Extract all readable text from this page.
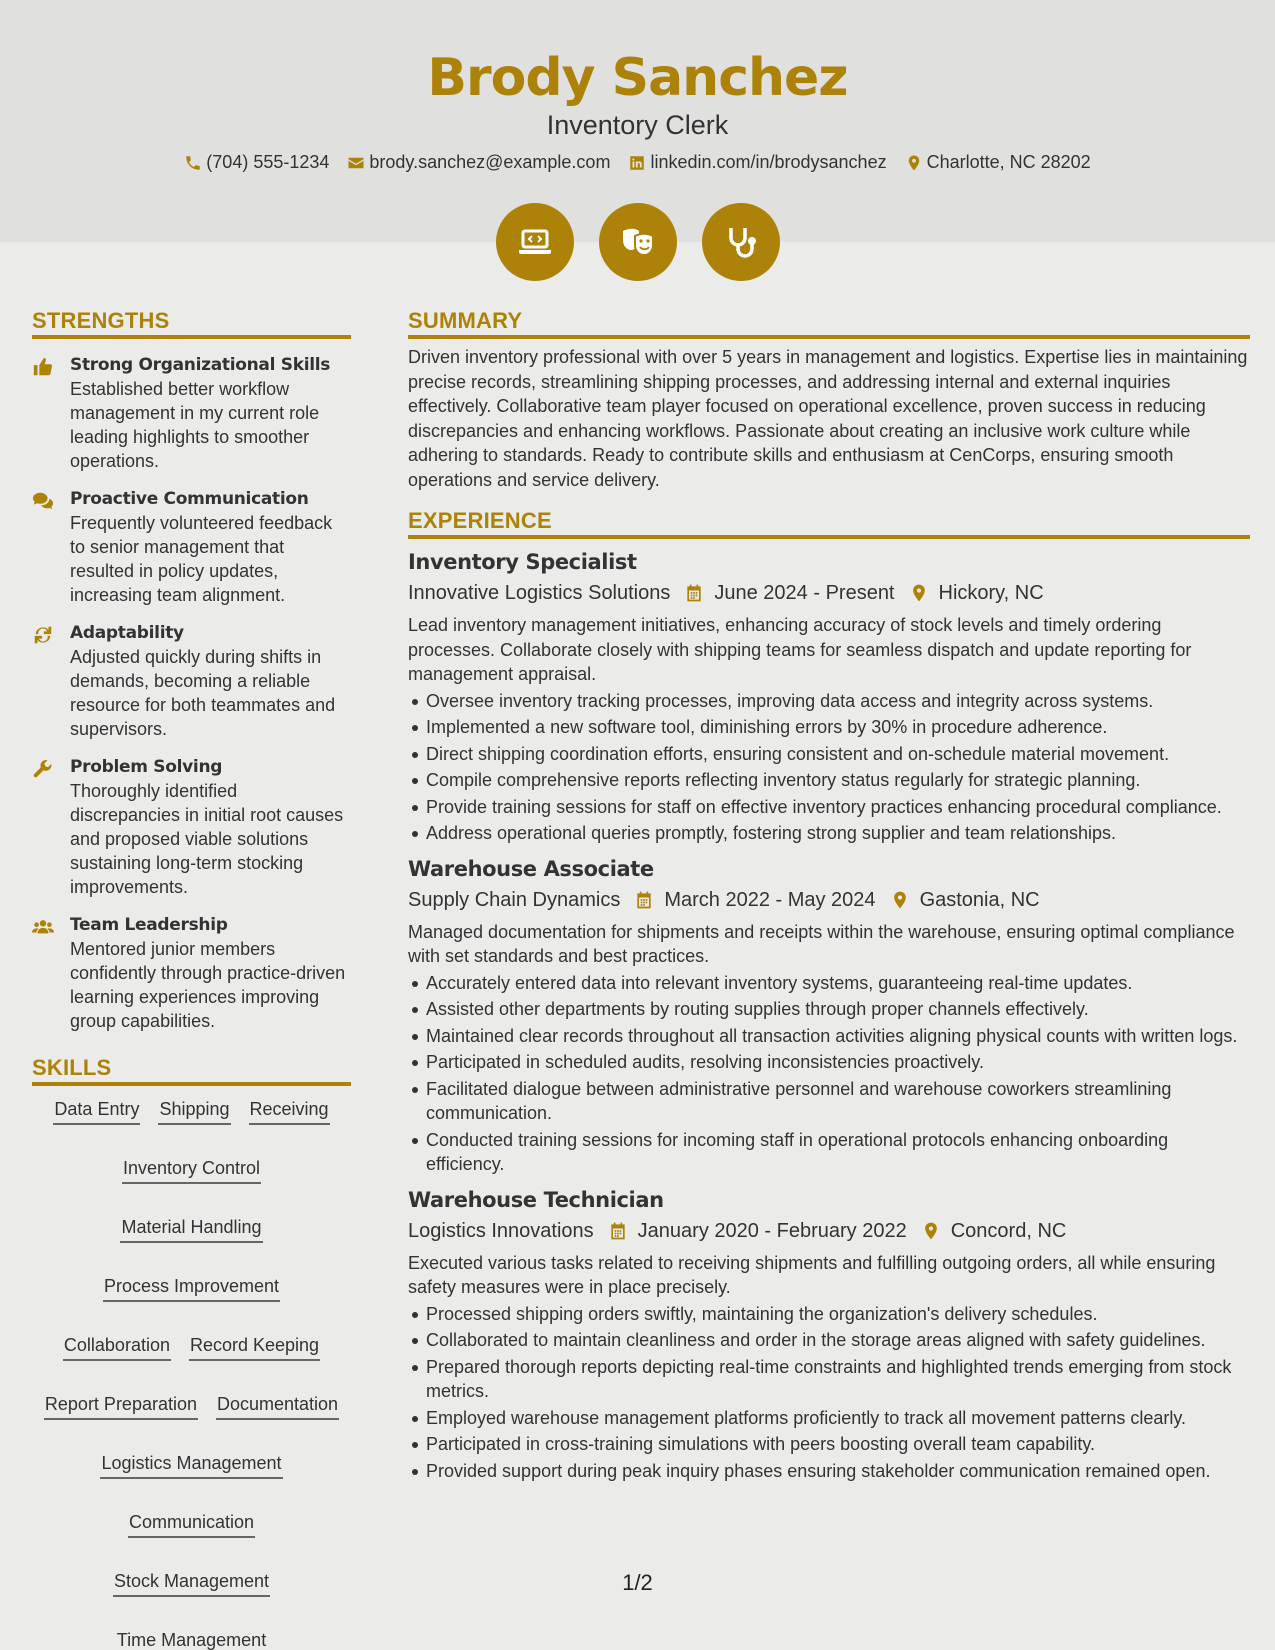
Brody Sanchez
Inventory Clerk
(704) 555-1234 brody.sanchez@example.com linkedin.com/in/brodysanchez Charlotte, NC 28202
STRENGTHS
Strong Organizational Skills
Established better workflow management in my current role leading highlights to smoother operations.
Proactive Communication
Frequently volunteered feedback to senior management that resulted in policy updates, increasing team alignment.
Adaptability
Adjusted quickly during shifts in demands, becoming a reliable resource for both teammates and supervisors.
Problem Solving
Thoroughly identified discrepancies in initial root causes and proposed viable solutions sustaining long-term stocking improvements.
Team Leadership
Mentored junior members confidently through practice-driven learning experiences improving group capabilities.
SKILLS
Data Entry Shipping Receiving
Inventory Control
Material Handling
Process Improvement
Collaboration Record Keeping
Report Preparation Documentation
Logistics Management
Communication
Stock Management
Time Management
SUMMARY
Driven inventory professional with over 5 years in management and logistics. Expertise lies in maintaining precise records, streamlining shipping processes, and addressing internal and external inquiries effectively. Collaborative team player focused on operational excellence, proven success in reducing discrepancies and enhancing workflows. Passionate about creating an inclusive work culture while adhering to standards. Ready to contribute skills and enthusiasm at CenCorps, ensuring smooth operations and service delivery.
EXPERIENCE
Inventory Specialist
Innovative Logistics Solutions June 2024 - Present Hickory, NC
Lead inventory management initiatives, enhancing accuracy of stock levels and timely ordering processes. Collaborate closely with shipping teams for seamless dispatch and update reporting for management appraisal.
Oversee inventory tracking processes, improving data access and integrity across systems.
Implemented a new software tool, diminishing errors by 30% in procedure adherence.
Direct shipping coordination efforts, ensuring consistent and on-schedule material movement.
Compile comprehensive reports reflecting inventory status regularly for strategic planning.
Provide training sessions for staff on effective inventory practices enhancing procedural compliance.
Address operational queries promptly, fostering strong supplier and team relationships.
Warehouse Associate
Supply Chain Dynamics March 2022 - May 2024 Gastonia, NC
Managed documentation for shipments and receipts within the warehouse, ensuring optimal compliance with set standards and best practices.
Accurately entered data into relevant inventory systems, guaranteeing real-time updates.
Assisted other departments by routing supplies through proper channels effectively.
Maintained clear records throughout all transaction activities aligning physical counts with written logs.
Participated in scheduled audits, resolving inconsistencies proactively.
Facilitated dialogue between administrative personnel and warehouse coworkers streamlining communication.
Conducted training sessions for incoming staff in operational protocols enhancing onboarding efficiency.
Warehouse Technician
Logistics Innovations January 2020 - February 2022 Concord, NC
Executed various tasks related to receiving shipments and fulfilling outgoing orders, all while ensuring safety measures were in place precisely.
Processed shipping orders swiftly, maintaining the organization's delivery schedules.
Collaborated to maintain cleanliness and order in the storage areas aligned with safety guidelines.
Prepared thorough reports depicting real-time constraints and highlighted trends emerging from stock metrics.
Employed warehouse management platforms proficiently to track all movement patterns clearly.
Participated in cross-training simulations with peers boosting overall team capability.
Provided support during peak inquiry phases ensuring stakeholder communication remained open.
1/2
